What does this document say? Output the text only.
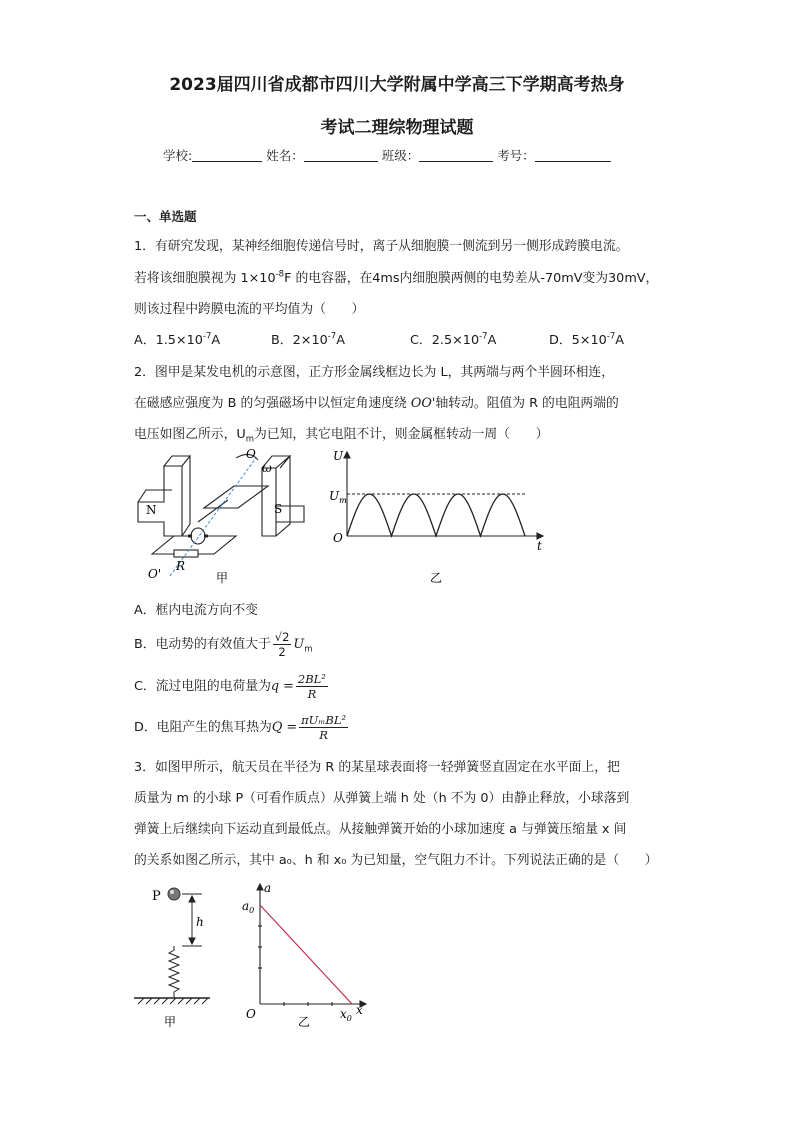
2023届四川省成都市四川大学附属中学高三下学期高考热身
考试二理综物理试题
学校:	姓名：	班级：	考号：
一、单选题
1．有研究发现，某神经细胞传递信号时，离子从细胞膜一侧流到另一侧形成跨膜电流。
若将该细胞膜视为 $1\times 10^{-8}F$ 的电容器，在4ms内细胞膜两侧的电势差从-70mV变为30mV，
则该过程中跨膜电流的平均值为（　　）
A．$1.5\times 10^{-7}A$	B．$2\times 10^{-7}A$	C．$2.5\times 10^{-7}A$	D．$5\times 10^{-7}A$
2．图甲是某发电机的示意图，正方形金属线框边长为 L，其两端与两个半圆环相连，
在磁感应强度为 B 的匀强磁场中以恒定角速度绕 OO'轴转动。阻值为 R 的电阻两端的
电压如图乙所示，$U_m$为已知，其它电阻不计，则金属框转动一周（　　）
N	S
O
ω
O'
R
甲
U
$U_m$
O
t
乙
A．框内电流方向不变
B．电动势的有效值大于 $\frac{√2}{2} U_m$
C．流过电阻的电荷量为$q = \frac{\text{2BL²}}{R}$
D．电阻产生的焦耳热为$Q = \frac{\text{πUₘBL²}}{R}$
3．如图甲所示，航天员在半径为 R 的某星球表面将一轻弹簧竖直固定在水平面上，把
质量为 m 的小球 P（可看作质点）从弹簧上端 h 处（h 不为 0）由静止释放，小球落到
弹簧上后继续向下运动直到最低点。从接触弹簧开始的小球加速度 a 与弹簧压缩量 x 间
的关系如图乙所示，其中 a₀、h 和 x₀ 为已知量，空气阻力不计。下列说法正确的是（　　）
P
h
甲
a
$a_0$
O	$x_0$
x
乙
